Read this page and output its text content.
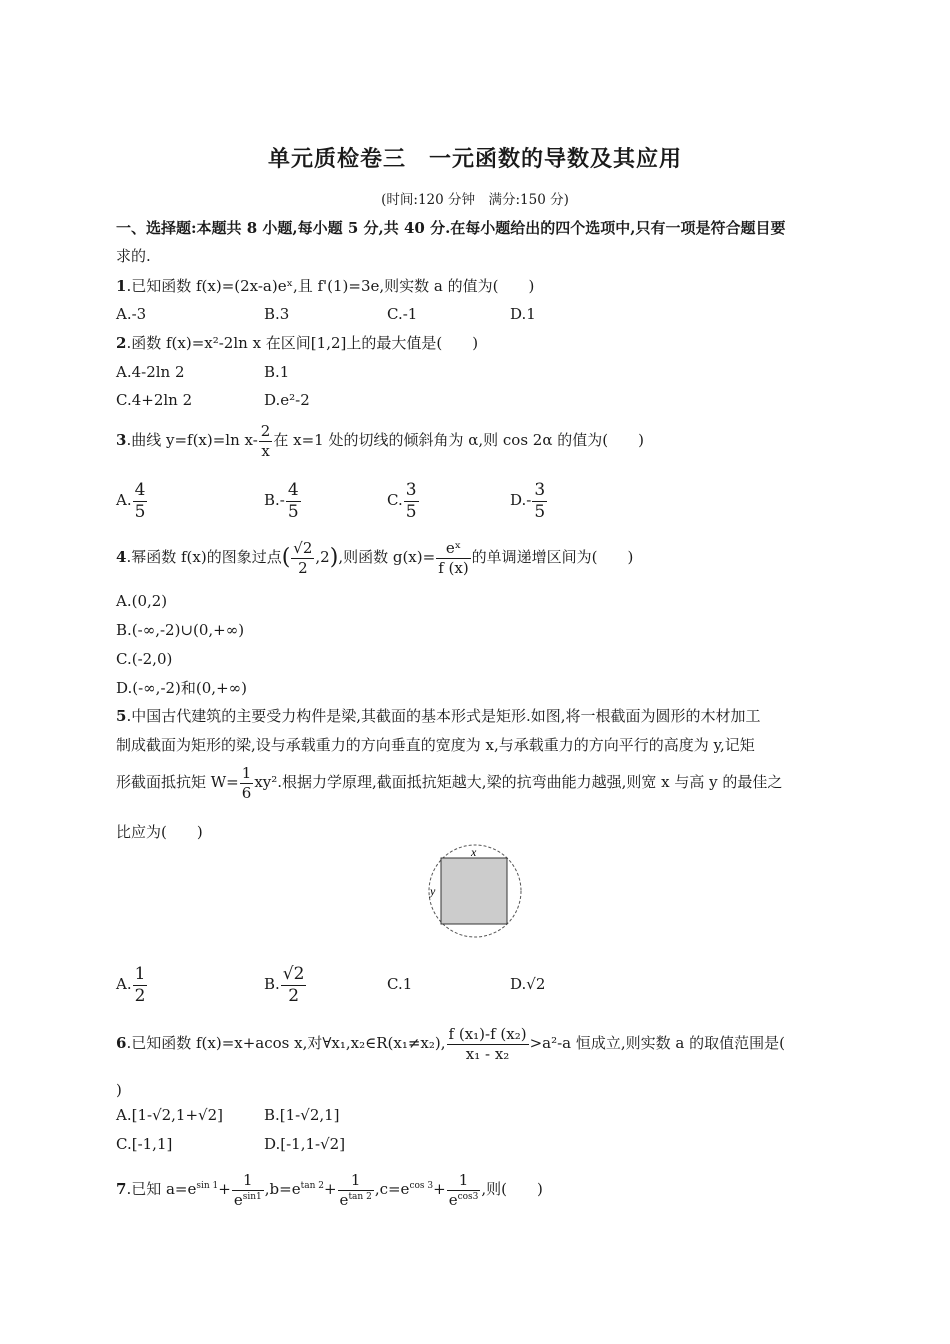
单元质检卷三　一元函数的导数及其应用
(时间:120 分钟　满分:150 分)
一、选择题:本题共 8 小题,每小题 5 分,共 40 分.在每小题给出的四个选项中,只有一项是符合题目要
求的.
1.已知函数 f(x)=(2x-a)eˣ,且 f'(1)=3e,则实数 a 的值为(　　)
A.-3	B.3	C.-1	D.1
2.函数 f(x)=x²-2ln x 在区间[1,2]上的最大值是(　　)
A.4-2ln 2	B.1
C.4+2ln 2	D.e²-2
3.曲线 y=f(x)=ln $x- \frac{2}{x}$ 在 x=1 处的切线的倾斜角为 α,则 cos 2α 的值为(　　)
A. $\frac{4}{5}$	$B.- \frac{4}{5}$	C. $\frac{3}{5}$	$D.- \frac{3}{5}$
4.幂函数 f(x)的图象过点( $\frac{√2}{2} ,2$),则函数 $g(x)= \frac{\text{eˣ}}{f (x)}$ 的单调递增区间为(　　)
A.(0,2)
B.(-∞,-2)∪(0,+∞)
C.(-2,0)
D.(-∞,-2)和(0,+∞)
5.中国古代建筑的主要受力构件是梁,其截面的基本形式是矩形.如图,将一根截面为圆形的木材加工
制成截面为矩形的梁,设与承载重力的方向垂直的宽度为 x,与承载重力的方向平行的高度为 y,记矩
形截面抵抗矩 $W= \frac{1}{6} xy^2$.根据力学原理,截面抵抗矩越大,梁的抗弯曲能力越强,则宽 x 与高 y 的最佳之
比应为(　　)
x
y
A. $\frac{1}{2}$	B. $\frac{√2}{2}$	C.1	D.√2
6.已知函数 f(x)=x+acos x,对∀x₁,x₂∈R(x₁≠x₂), $\frac{\text{f (x₁)-f (x₂)}}{\text{x₁ - x₂}} >a^2-a$ 恒成立,则实数 a 的取值范围是(
)
A.[1-√2,1+√2]	B.[1-√2,1]
C.[-1,1]	D.[-1,1-√2]
7.已知 $a=e^{sin 1}+ \frac{1}{e^{sin1}} ,b=e^{tan 2}+ \frac{1}{e^{tan 2}} ,c=e^{cos 3}+ \frac{1}{e^{cos3}}$ ,则(　　)
